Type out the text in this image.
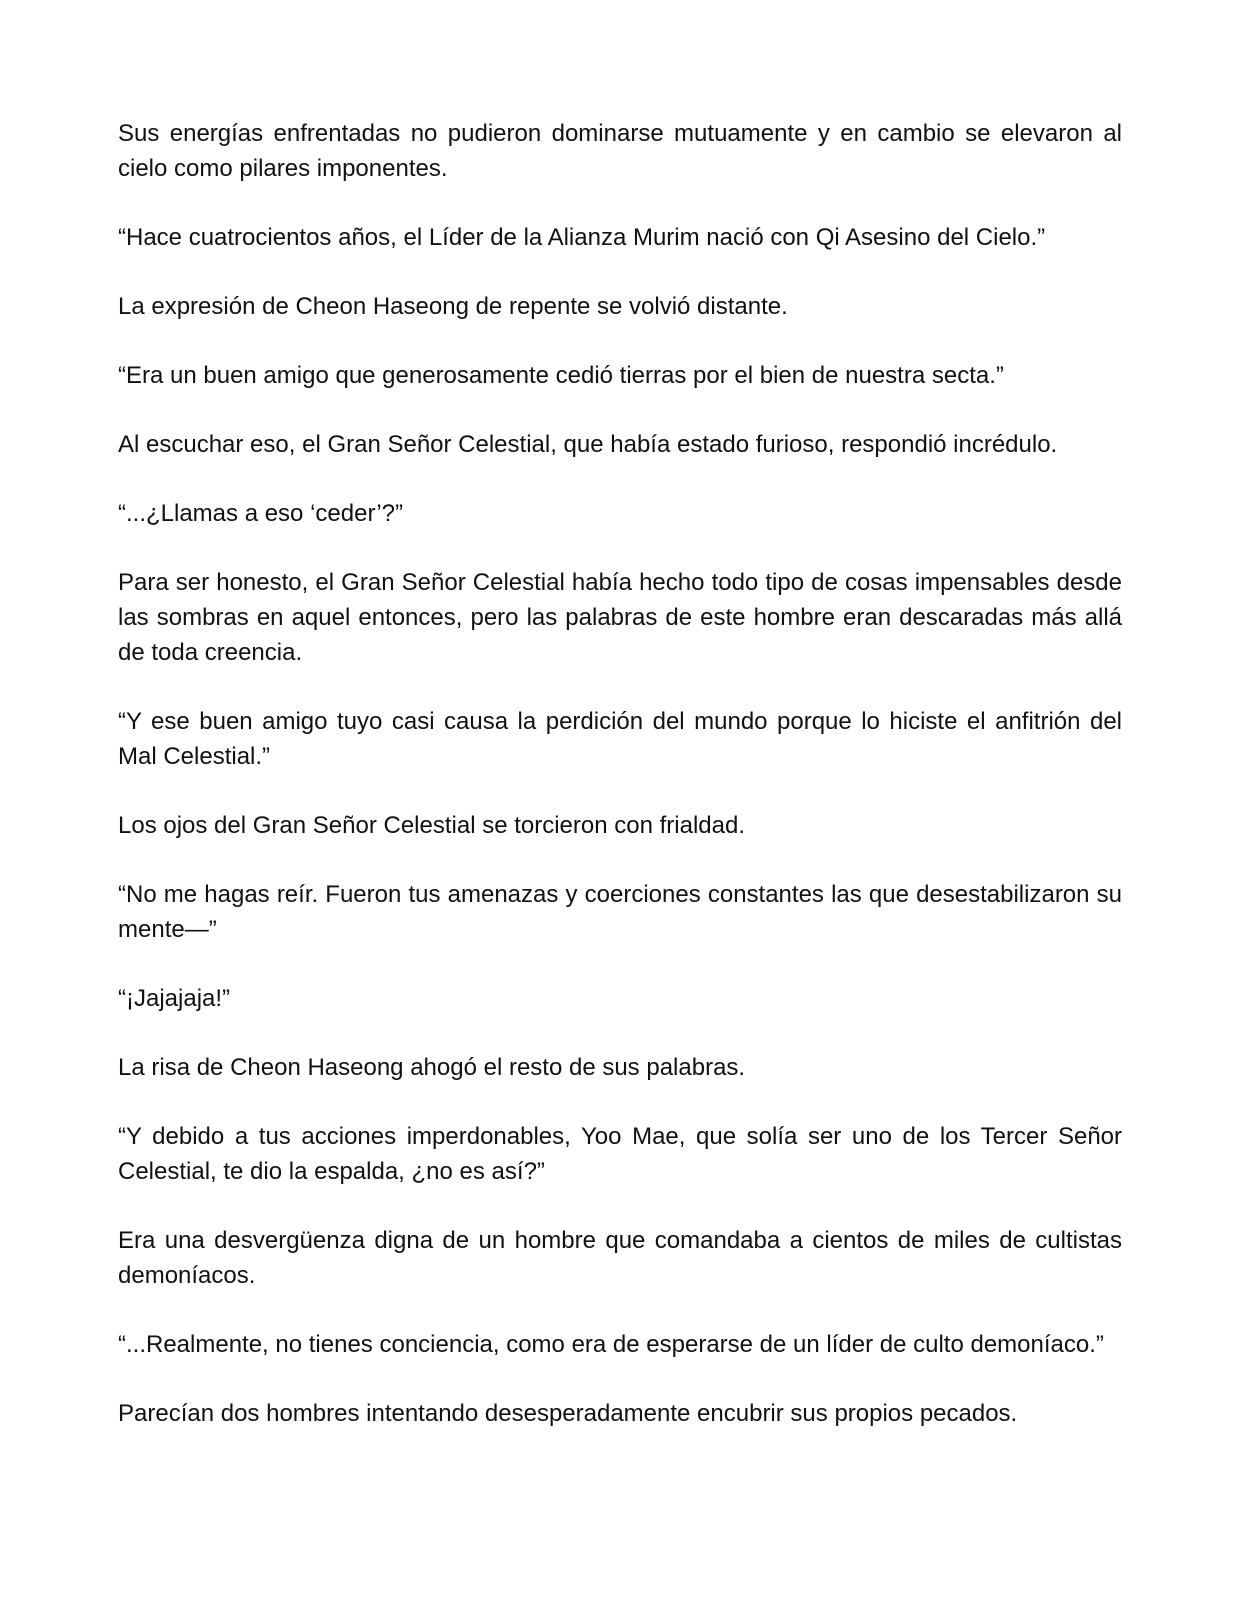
Sus energías enfrentadas no pudieron dominarse mutuamente y en cambio se elevaron al cielo como pilares imponentes.

“Hace cuatrocientos años, el Líder de la Alianza Murim nació con Qi Asesino del Cielo.”

La expresión de Cheon Haseong de repente se volvió distante.

“Era un buen amigo que generosamente cedió tierras por el bien de nuestra secta.”

Al escuchar eso, el Gran Señor Celestial, que había estado furioso, respondió incrédulo.

“...¿Llamas a eso ‘ceder’?”

Para ser honesto, el Gran Señor Celestial había hecho todo tipo de cosas impensables desde las sombras en aquel entonces, pero las palabras de este hombre eran descaradas más allá de toda creencia.

“Y ese buen amigo tuyo casi causa la perdición del mundo porque lo hiciste el anfitrión del Mal Celestial.”

Los ojos del Gran Señor Celestial se torcieron con frialdad.

“No me hagas reír. Fueron tus amenazas y coerciones constantes las que desestabilizaron su mente—”

“¡Jajajaja!”

La risa de Cheon Haseong ahogó el resto de sus palabras.

“Y debido a tus acciones imperdonables, Yoo Mae, que solía ser uno de los Tercer Señor Celestial, te dio la espalda, ¿no es así?”

Era una desvergüenza digna de un hombre que comandaba a cientos de miles de cultistas demoníacos.

“...Realmente, no tienes conciencia, como era de esperarse de un líder de culto demoníaco.”

Parecían dos hombres intentando desesperadamente encubrir sus propios pecados.
